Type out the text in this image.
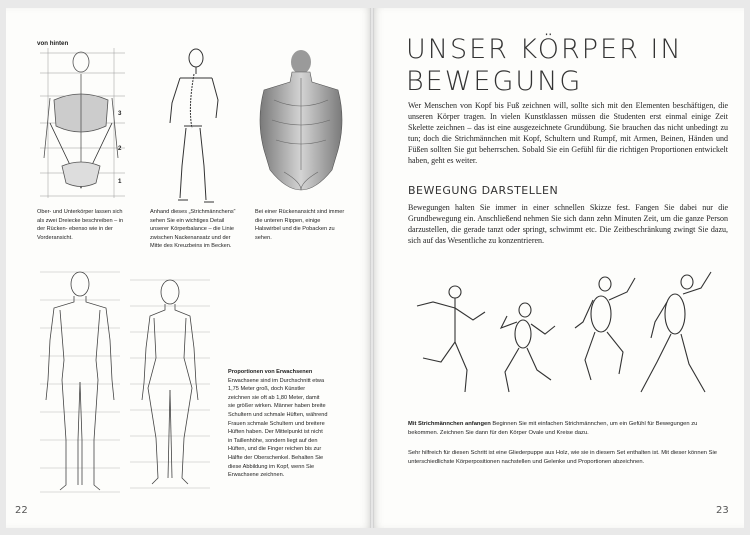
von hinten
3
2
1
Ober- und Unterkörper lassen sich als zwei Dreiecke beschreiben – in der Rücken- ebenso wie in der Vorderansicht.
Anhand dieses „Strichmännchens“ sehen Sie ein wichtiges Detail unserer Körperbalance – die Linie zwischen Nackenansatz und der Mitte des Kreuzbeins im Becken.
Bei einer Rückenansicht sind immer die unteren Rippen, einige Halswirbel und die Pobacken zu sehen.
Proportionen von Erwachsenen
Erwachsene sind im Durchschnitt etwa 1,75 Meter groß, doch Künstler zeichnen sie oft ab 1,80 Meter, damit sie größer wirken. Männer haben breite Schultern und schmale Hüften, während Frauen schmale Schultern und breitere Hüften haben. Der Mittelpunkt ist nicht in Taillenhöhe, sondern liegt auf den Hüften, und die Finger reichen bis zur Hälfte der Oberschenkel. Behalten Sie diese Abbildung im Kopf, wenn Sie Erwachsene zeichnen.
22
UNSER KÖRPER IN
BEWEGUNG
Wer Menschen von Kopf bis Fuß zeichnen will, sollte sich mit den Elementen beschäftigen, die unseren Körper tragen. In vielen Kunstklassen müssen die Studenten erst einmal einige Zeit Skelette zeichnen – das ist eine ausgezeichnete Grundübung. Sie brauchen das nicht unbedingt zu tun; doch die Strichmännchen mit Kopf, Schultern und Rumpf, mit Armen, Beinen, Händen und Füßen sollten Sie gut beherrschen. Sobald Sie ein Gefühl für die richtigen Proportionen entwickelt haben, geht es weiter.
BEWEGUNG DARSTELLEN
Bewegungen halten Sie immer in einer schnellen Skizze fest. Fangen Sie dabei nur die Grundbewegung ein. Anschließend nehmen Sie sich dann zehn Minuten Zeit, um die ganze Person darzustellen, die gerade tanzt oder springt, schwimmt etc. Die Zeitbeschränkung zwingt Sie dazu, sich auf das Wesentliche zu konzentrieren.
Mit Strichmännchen anfangen Beginnen Sie mit einfachen Strichmännchen, um ein Gefühl für Bewegungen zu bekommen. Zeichnen Sie dann für den Körper Ovale und Kreise dazu.
Sehr hilfreich für diesen Schritt ist eine Gliederpuppe aus Holz, wie sie in diesem Set enthalten ist. Mit dieser können Sie unterschiedlichste Körperpositionen nachstellen und Gelenke und Proportionen abzeichnen.
23
